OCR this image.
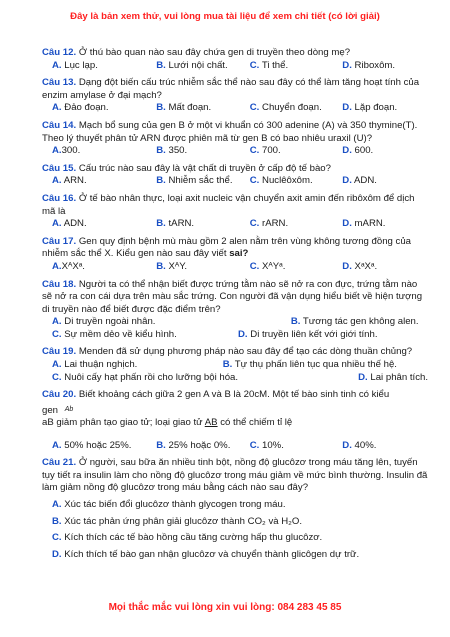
Đây là bản xem thử, vui lòng mua tài liệu để xem chi tiết (có lời giải)

Câu 12. Ở thú bào quan nào sau đây chứa gen di truyền theo dòng mẹ?

A. Lục lạp.	B. Lưới nội chất.	C. Ti thể.	D. Riboxôm.

Câu 13. Dạng đột biến cấu trúc nhiễm sắc thể nào sau đây có thể làm tăng hoạt tính của enzim amylase ở đại mạch?

A. Đảo đoạn.	B. Mất đoạn.	C. Chuyển đoạn.	D. Lặp đoạn.

Câu 14. Mạch bổ sung của gen B ở một vi khuẩn có 300 adenine (A) và 350 thymine(T). Theo lý thuyết phân tử ARN được phiên mã từ gen B có bao nhiêu uraxil (U)?

A.300.	B. 350.	C. 700.	D. 600.

Câu 15. Cấu trúc nào sau đây là vật chất di truyền ở cấp độ tế bào?

A. ARN.	B. Nhiễm sắc thể.	C. Nuclêôxôm.	D. ADN.

Câu 16. Ở tế bào nhân thực, loại axit nucleic vận chuyển axit amin đến ribôxôm để dịch mã là

A. ADN.	B. tARN.	C. rARN.	D. mARN.

Câu 17. Gen quy định bệnh mù màu gồm 2 alen nằm trên vùng không tương đồng của nhiễm sắc thể X. Kiểu gen nào sau đây viết sai?

A.XᴬXᵃ.	B. XᴬY.	C. XᴬYᵃ.	D. XᵃXᵃ.

Câu 18. Người ta có thể nhận biết được trứng tằm nào sẽ nở ra con đực, trứng tằm nào sẽ nở ra con cái dựa trên màu sắc trứng. Con người đã vận dụng hiểu biết về hiện tượng di truyền nào để biết được đặc điểm trên?

A. Di truyền ngoài nhân.	B. Tương tác gen không alen.

C. Sự mềm dẻo về kiểu hình.	D. Di truyền liên kết với giới tính.

Câu 19. Menden đã sử dụng phương pháp nào sau đây để tạo các dòng thuần chủng?

A. Lai thuận nghịch.	B. Tự thụ phấn liên tục qua nhiều thế hệ.

C. Nuôi cấy hạt phấn rồi cho lưỡng bội hóa.	D. Lai phân tích.

Câu 20. Biết khoảng cách giữa 2 gen A và B là 20cM. Một tế bào sinh tinh có kiểu

gen Ab

aB giảm phân tạo giao tử; loại giao tử AB có thể chiếm tỉ lệ

A. 50% hoặc 25%.	B. 25% hoặc 0%.	C. 10%.	D. 40%.

Câu 21. Ở người, sau bữa ăn nhiều tinh bột, nồng độ glucôzơ trong máu tăng lên, tuyến tụy tiết ra insulin làm cho nồng độ glucôzơ trong máu giảm về mức bình thường. Insulin đã làm giảm nồng độ glucôzơ trong máu bằng cách nào sau đây?

A. Xúc tác biến đổi glucôzơ thành glycogen trong máu.

B. Xúc tác phản ứng phân giải glucôzơ thành CO₂ và H₂O.

C. Kích thích các tế bào hồng cầu tăng cường hấp thu glucôzơ.

D. Kích thích tế bào gan nhận glucôzơ và chuyển thành glicôgen dự trữ.

Mọi thắc mắc vui lòng xin vui lòng: 084 283 45 85
